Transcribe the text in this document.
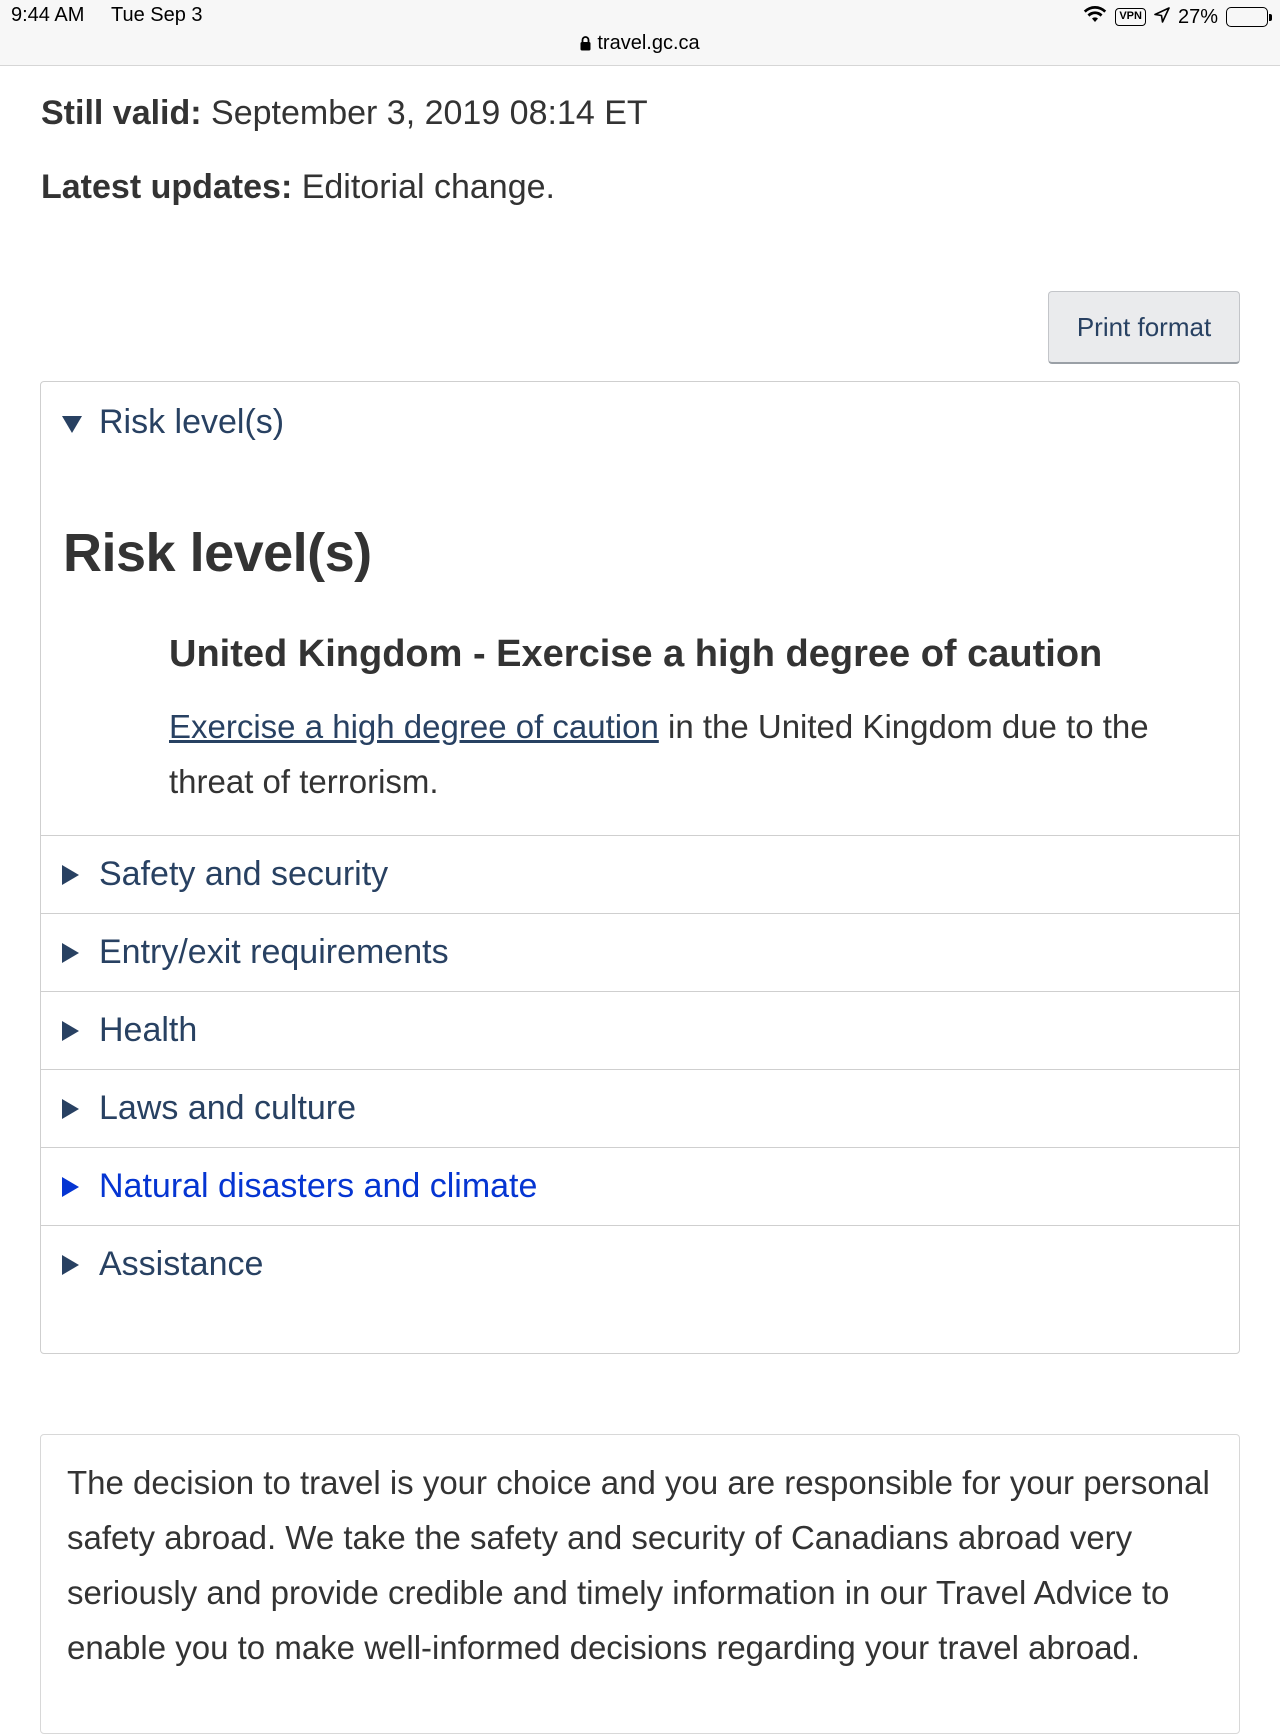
9:44 AM Tue Sep 3	VPN 27%
travel.gc.ca
Still valid: September 3, 2019 08:14 ET
Latest updates: Editorial change.
Print format
Risk level(s)
Risk level(s)
United Kingdom - Exercise a high degree of caution
Exercise a high degree of caution in the United Kingdom due to the threat of terrorism.
Safety and security
Entry/exit requirements
Health
Laws and culture
Natural disasters and climate
Assistance

The decision to travel is your choice and you are responsible for your personal safety abroad. We take the safety and security of Canadians abroad very seriously and provide credible and timely information in our Travel Advice to enable you to make well-informed decisions regarding your travel abroad.
